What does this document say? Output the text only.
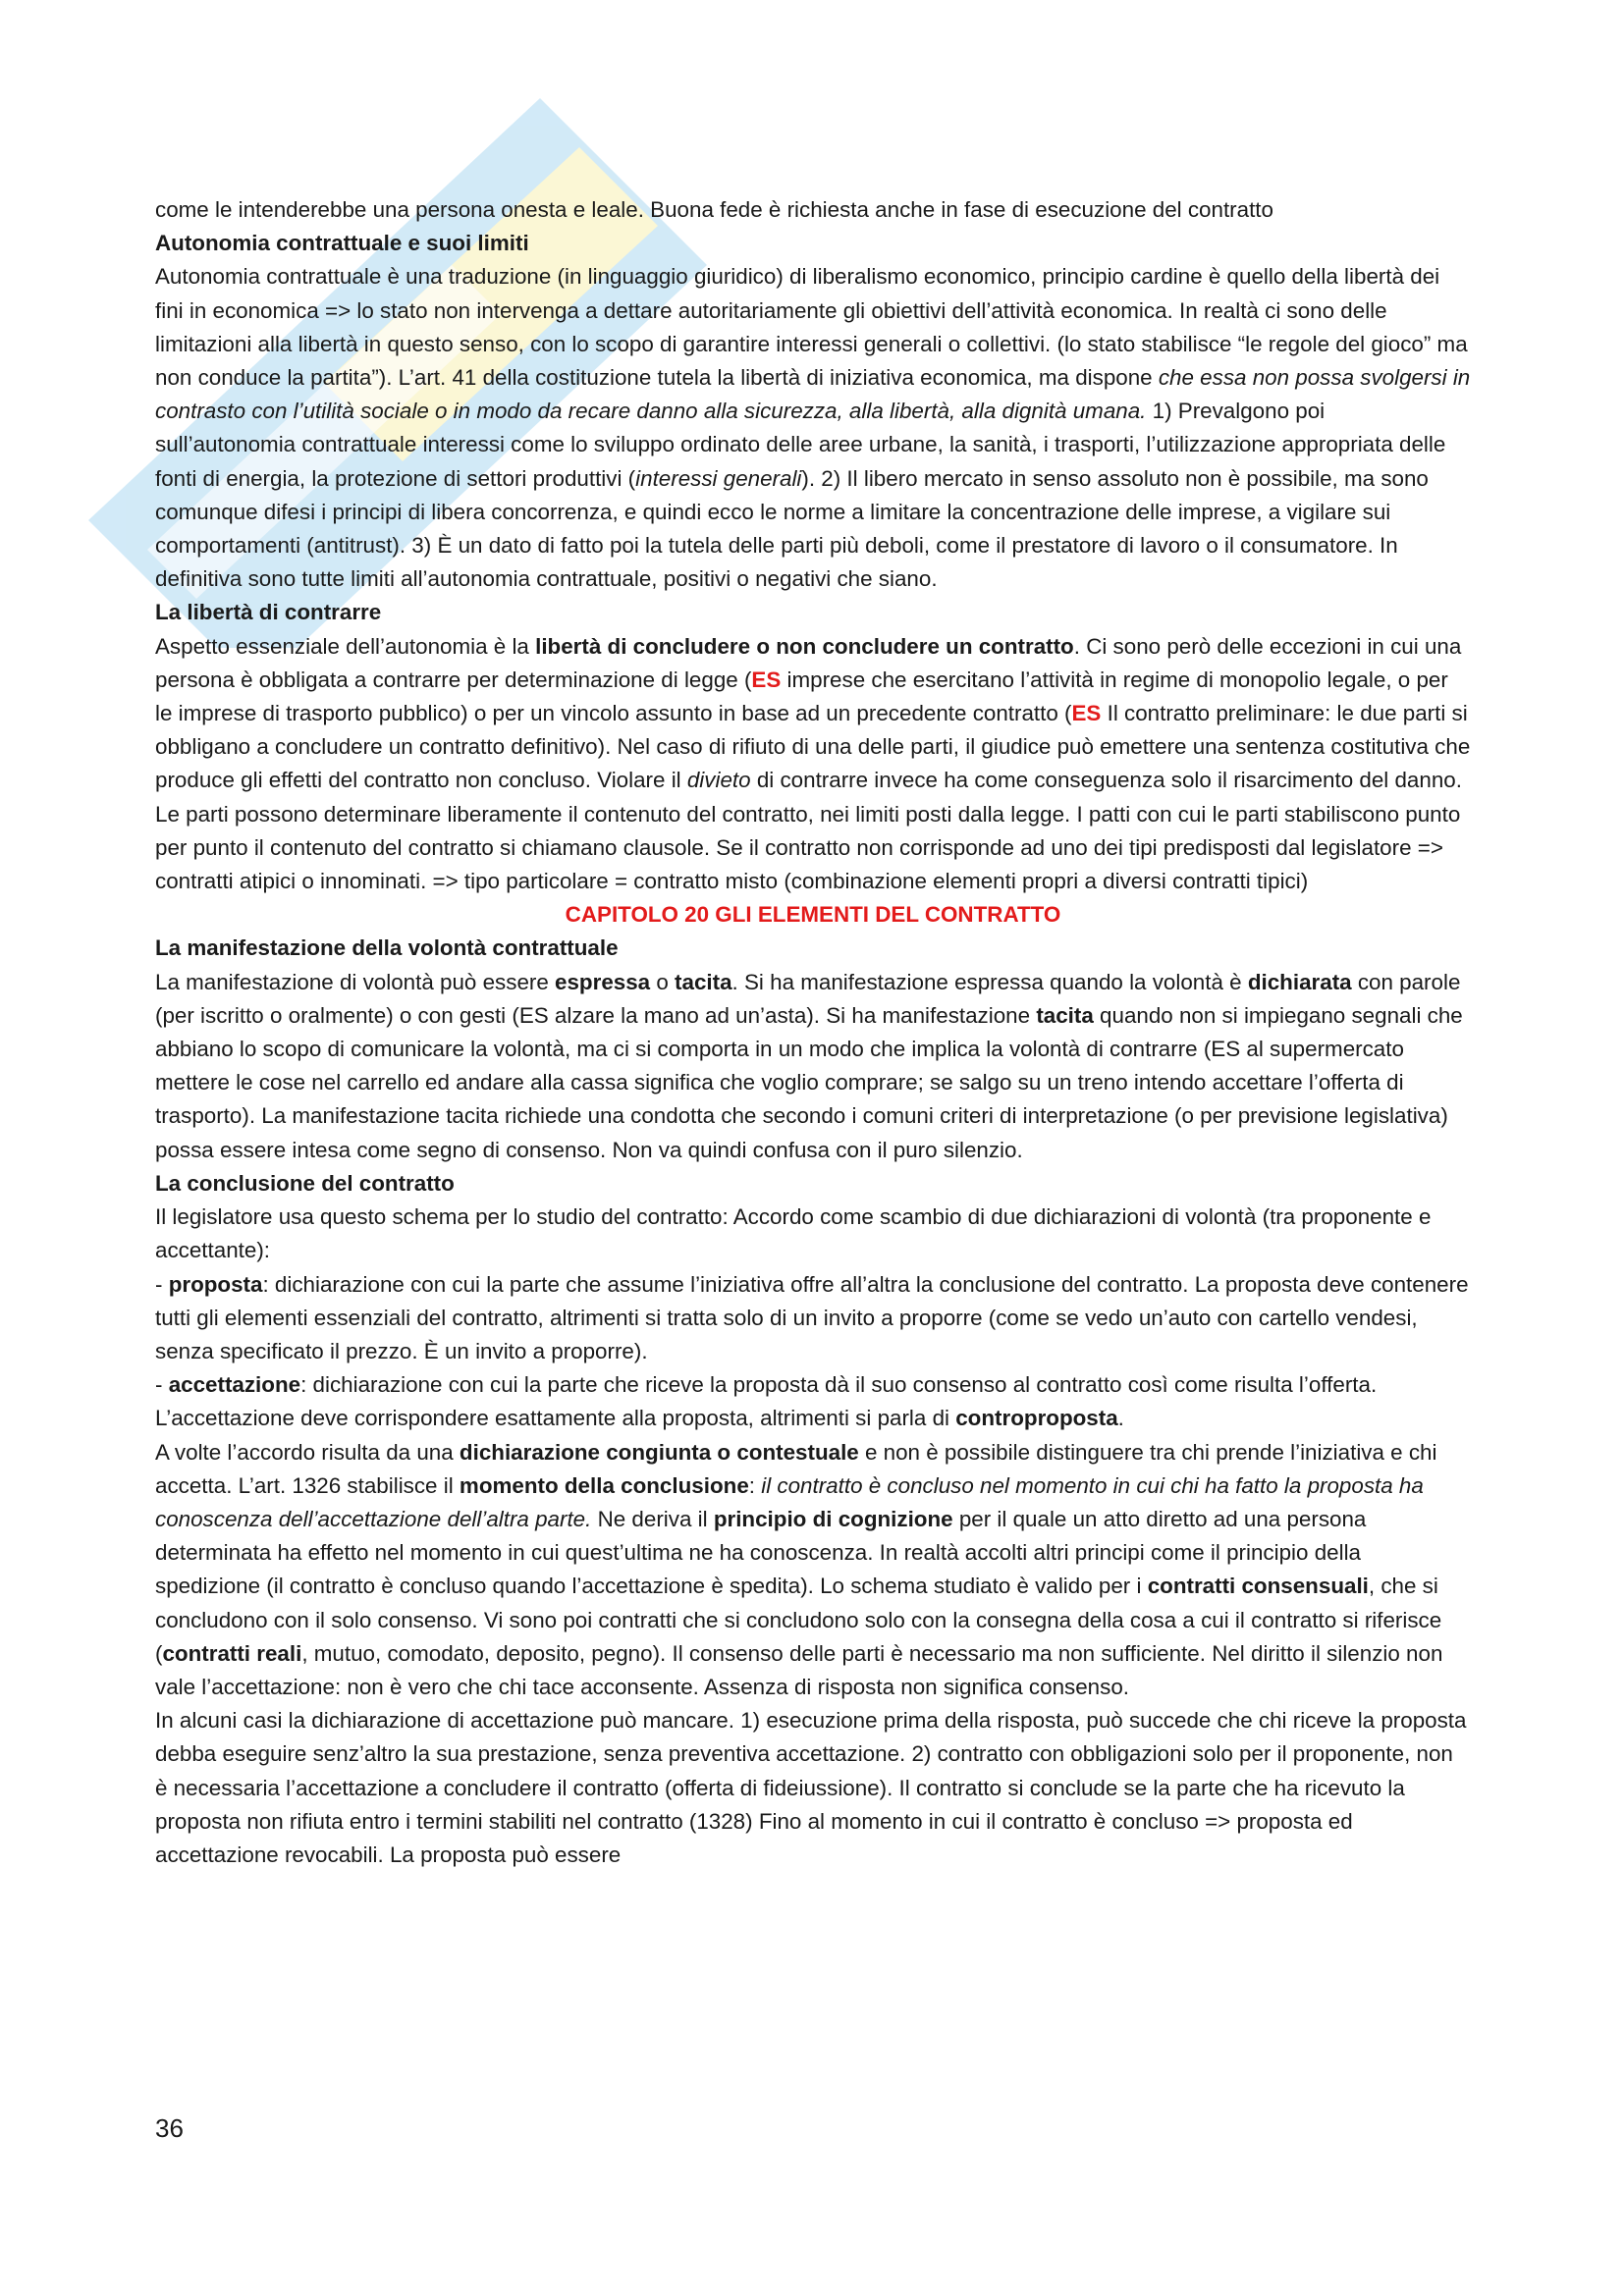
come le intenderebbe una persona onesta e leale. Buona fede è richiesta anche in fase di esecuzione del contratto

Autonomia contrattuale e suoi limiti

Autonomia contrattuale è una traduzione (in linguaggio giuridico) di liberalismo economico, principio cardine è quello della libertà dei fini in economica => lo stato non intervenga a dettare autoritariamente gli obiettivi dell’attività economica. In realtà ci sono delle limitazioni alla libertà in questo senso, con lo scopo di garantire interessi generali o collettivi. (lo stato stabilisce “le regole del gioco” ma non conduce la partita”). L’art. 41 della costituzione tutela la libertà di iniziativa economica, ma dispone che essa non possa svolgersi in contrasto con l’utilità sociale o in modo da recare danno alla sicurezza, alla libertà, alla dignità umana. 1) Prevalgono poi sull’autonomia contrattuale interessi come lo sviluppo ordinato delle aree urbane, la sanità, i trasporti, l’utilizzazione appropriata delle fonti di energia, la protezione di settori produttivi (interessi generali). 2) Il libero mercato in senso assoluto non è possibile, ma sono comunque difesi i principi di libera concorrenza, e quindi ecco le norme a limitare la concentrazione delle imprese, a vigilare sui comportamenti (antitrust). 3) È un dato di fatto poi la tutela delle parti più deboli, come il prestatore di lavoro o il consumatore. In definitiva sono tutte limiti all’autonomia contrattuale, positivi o negativi che siano.

La libertà di contrarre

Aspetto essenziale dell’autonomia è la libertà di concludere o non concludere un contratto. Ci sono però delle eccezioni in cui una persona è obbligata a contrarre per determinazione di legge (ES imprese che esercitano l’attività in regime di monopolio legale, o per le imprese di trasporto pubblico) o per un vincolo assunto in base ad un precedente contratto (ES Il contratto preliminare: le due parti si obbligano a concludere un contratto definitivo). Nel caso di rifiuto di una delle parti, il giudice può emettere una sentenza costitutiva che produce gli effetti del contratto non concluso. Violare il divieto di contrarre invece ha come conseguenza solo il risarcimento del danno. Le parti possono determinare liberamente il contenuto del contratto, nei limiti posti dalla legge. I patti con cui le parti stabiliscono punto per punto il contenuto del contratto si chiamano clausole. Se il contratto non corrisponde ad uno dei tipi predisposti dal legislatore => contratti atipici o innominati. => tipo particolare = contratto misto (combinazione elementi propri a diversi contratti tipici)

CAPITOLO 20 GLI ELEMENTI DEL CONTRATTO
La manifestazione della volontà contrattuale

La manifestazione di volontà può essere espressa o tacita. Si ha manifestazione espressa quando la volontà è dichiarata con parole (per iscritto o oralmente) o con gesti (ES alzare la mano ad un’asta). Si ha manifestazione tacita quando non si impiegano segnali che abbiano lo scopo di comunicare la volontà, ma ci si comporta in un modo che implica la volontà di contrarre (ES al supermercato mettere le cose nel carrello ed andare alla cassa significa che voglio comprare; se salgo su un treno intendo accettare l’offerta di trasporto). La manifestazione tacita richiede una condotta che secondo i comuni criteri di interpretazione (o per previsione legislativa) possa essere intesa come segno di consenso. Non va quindi confusa con il puro silenzio.

La conclusione del contratto

Il legislatore usa questo schema per lo studio del contratto: Accordo come scambio di due dichiarazioni di volontà (tra proponente e accettante):

- proposta: dichiarazione con cui la parte che assume l’iniziativa offre all’altra la conclusione del contratto. La proposta deve contenere tutti gli elementi essenziali del contratto, altrimenti si tratta solo di un invito a proporre (come se vedo un’auto con cartello vendesi, senza specificato il prezzo. È un invito a proporre).

- accettazione: dichiarazione con cui la parte che riceve la proposta dà il suo consenso al contratto così come risulta l’offerta. L’accettazione deve corrispondere esattamente alla proposta, altrimenti si parla di controproposta.

A volte l’accordo risulta da una dichiarazione congiunta o contestuale e non è possibile distinguere tra chi prende l’iniziativa e chi accetta. L’art. 1326 stabilisce il momento della conclusione: il contratto è concluso nel momento in cui chi ha fatto la proposta ha conoscenza dell’accettazione dell’altra parte. Ne deriva il principio di cognizione per il quale un atto diretto ad una persona determinata ha effetto nel momento in cui quest’ultima ne ha conoscenza. In realtà accolti altri principi come il principio della spedizione (il contratto è concluso quando l’accettazione è spedita). Lo schema studiato è valido per i contratti consensuali, che si concludono con il solo consenso. Vi sono poi contratti che si concludono solo con la consegna della cosa a cui il contratto si riferisce (contratti reali, mutuo, comodato, deposito, pegno). Il consenso delle parti è necessario ma non sufficiente. Nel diritto il silenzio non vale l’accettazione: non è vero che chi tace acconsente. Assenza di risposta non significa consenso.

In alcuni casi la dichiarazione di accettazione può mancare. 1) esecuzione prima della risposta, può succede che chi riceve la proposta debba eseguire senz’altro la sua prestazione, senza preventiva accettazione. 2) contratto con obbligazioni solo per il proponente, non è necessaria l’accettazione a concludere il contratto (offerta di fideiussione). Il contratto si conclude se la parte che ha ricevuto la proposta non rifiuta entro i termini stabiliti nel contratto (1328) Fino al momento in cui il contratto è concluso => proposta ed accettazione revocabili. La proposta può essere

36
